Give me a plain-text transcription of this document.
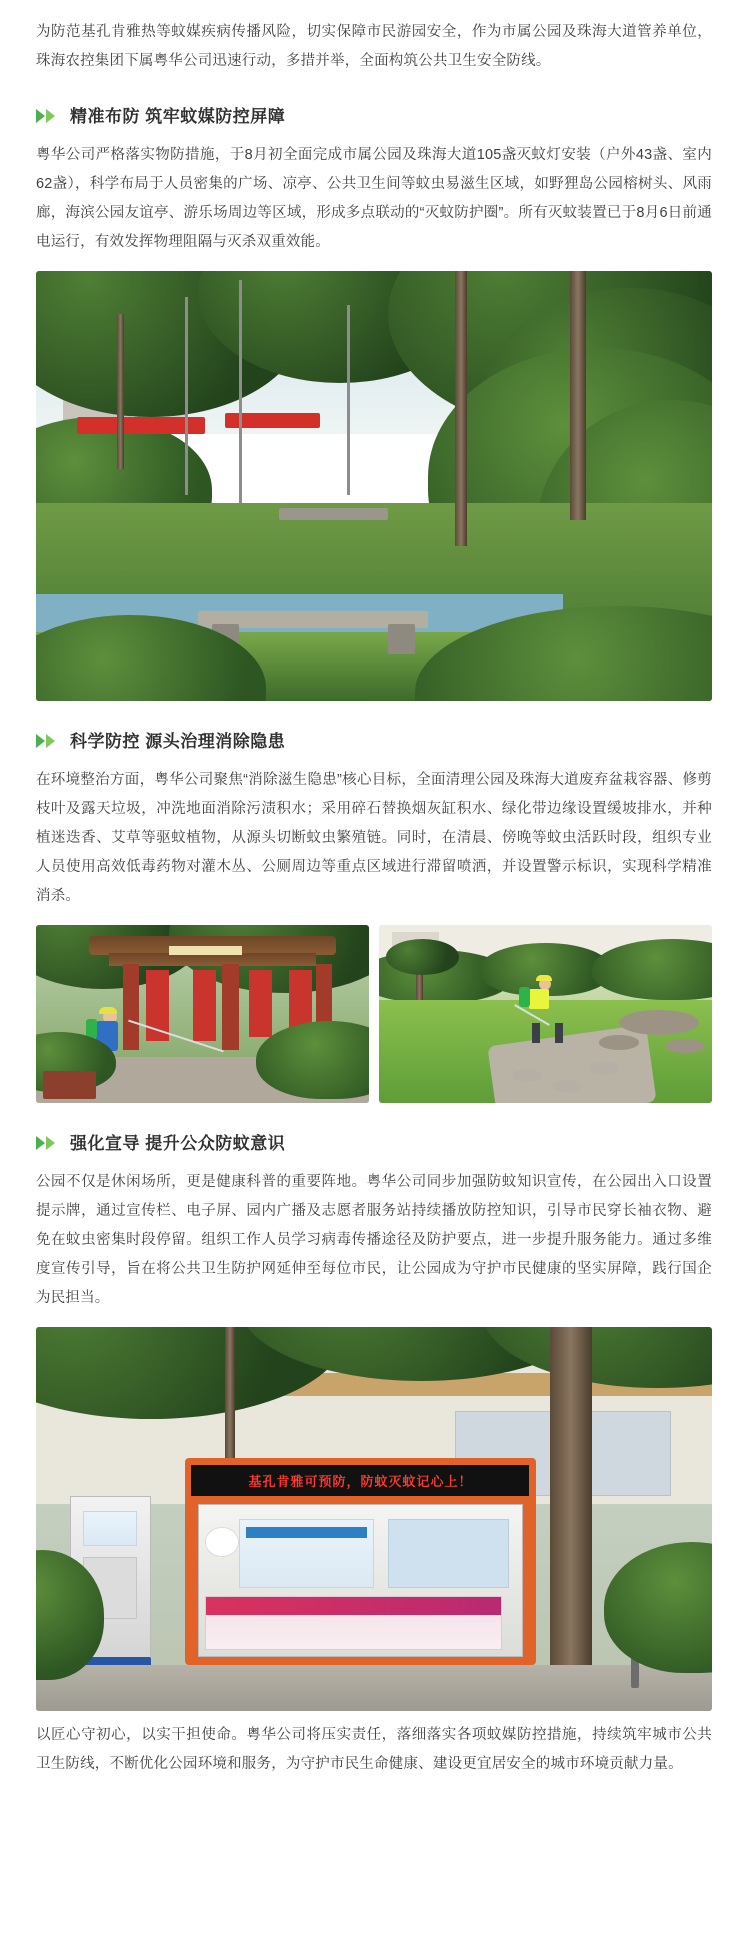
为防范基孔肯雅热等蚊媒疾病传播风险，切实保障市民游园安全，作为市属公园及珠海大道管养单位，珠海农控集团下属粤华公司迅速行动，多措并举，全面构筑公共卫生安全防线。

精准布防 筑牢蚊媒防控屏障

粤华公司严格落实物防措施，于8月初全面完成市属公园及珠海大道105盏灭蚊灯安装（户外43盏、室内62盏），科学布局于人员密集的广场、凉亭、公共卫生间等蚊虫易滋生区域，如野狸岛公园榕树头、风雨廊，海滨公园友谊亭、游乐场周边等区域，形成多点联动的“灭蚊防护圈”。所有灭蚊装置已于8月6日前通电运行，有效发挥物理阻隔与灭杀双重效能。

科学防控 源头治理消除隐患

在环境整治方面，粤华公司聚焦“消除滋生隐患”核心目标，全面清理公园及珠海大道废弃盆栽容器、修剪枝叶及露天垃圾，冲洗地面消除污渍积水；采用碎石替换烟灰缸积水、绿化带边缘设置缓坡排水，并种植迷迭香、艾草等驱蚊植物，从源头切断蚊虫繁殖链。同时，在清晨、傍晚等蚊虫活跃时段，组织专业人员使用高效低毒药物对灌木丛、公厕周边等重点区域进行滞留喷洒，并设置警示标识，实现科学精准消杀。

强化宣导 提升公众防蚊意识

公园不仅是休闲场所，更是健康科普的重要阵地。粤华公司同步加强防蚊知识宣传，在公园出入口设置提示牌，通过宣传栏、电子屏、园内广播及志愿者服务站持续播放防控知识，引导市民穿长袖衣物、避免在蚊虫密集时段停留。组织工作人员学习病毒传播途径及防护要点，进一步提升服务能力。通过多维度宣传引导，旨在将公共卫生防护网延伸至每位市民，让公园成为守护市民健康的坚实屏障，践行国企为民担当。

基孔肯雅可预防，防蚊灭蚊记心上！

以匠心守初心，以实干担使命。粤华公司将压实责任，落细落实各项蚊媒防控措施，持续筑牢城市公共卫生防线，不断优化公园环境和服务，为守护市民生命健康、建设更宜居安全的城市环境贡献力量。
